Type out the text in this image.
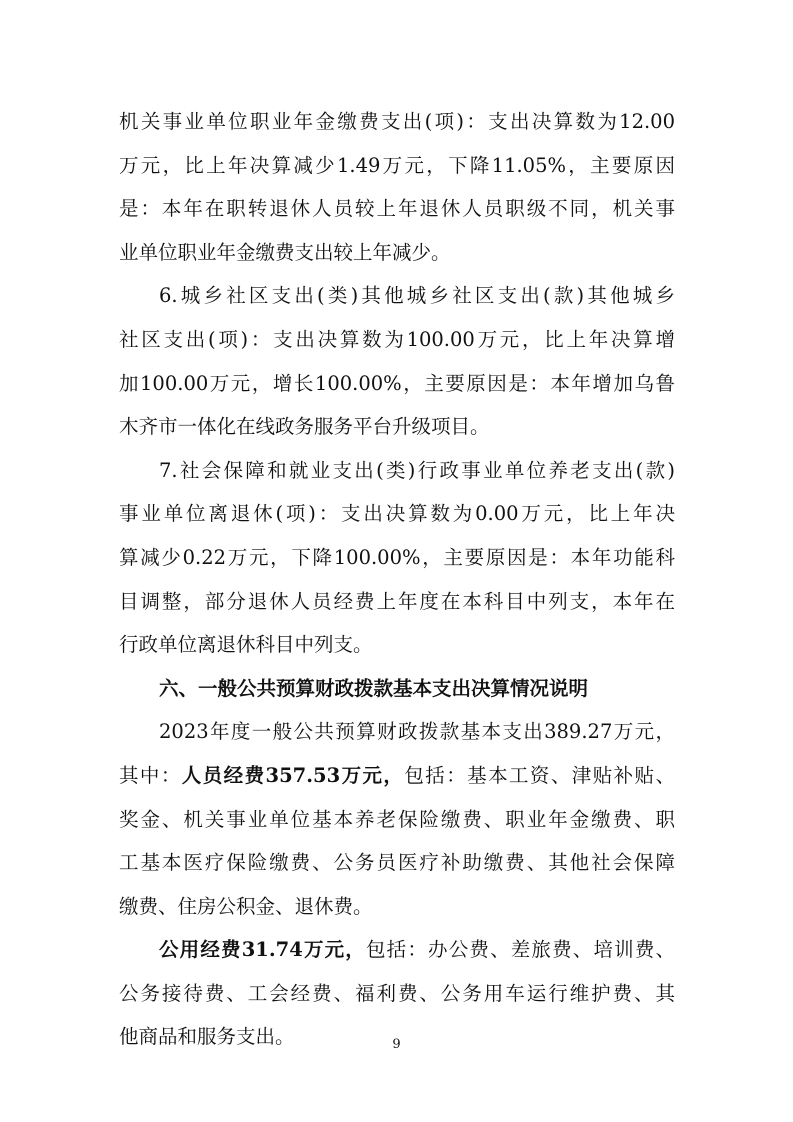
机关事业单位职业年金缴费支出(项)：支出决算数为12.00
万元，比上年决算减少1.49万元，下降11.05%，主要原因
是：本年在职转退休人员较上年退休人员职级不同，机关事
业单位职业年金缴费支出较上年减少。
6.城乡社区支出(类)其他城乡社区支出(款)其他城乡
社区支出(项)：支出决算数为100.00万元，比上年决算增
加100.00万元，增长100.00%，主要原因是：本年增加乌鲁
木齐市一体化在线政务服务平台升级项目。
7.社会保障和就业支出(类)行政事业单位养老支出(款)
事业单位离退休(项)：支出决算数为0.00万元，比上年决
算减少0.22万元，下降100.00%，主要原因是：本年功能科
目调整，部分退休人员经费上年度在本科目中列支，本年在
行政单位离退休科目中列支。
六、一般公共预算财政拨款基本支出决算情况说明
2023年度一般公共预算财政拨款基本支出389.27万元，
其中：人员经费357.53万元，包括：基本工资、津贴补贴、
奖金、机关事业单位基本养老保险缴费、职业年金缴费、职
工基本医疗保险缴费、公务员医疗补助缴费、其他社会保障
缴费、住房公积金、退休费。
公用经费31.74万元，包括：办公费、差旅费、培训费、
公务接待费、工会经费、福利费、公务用车运行维护费、其
他商品和服务支出。	9
